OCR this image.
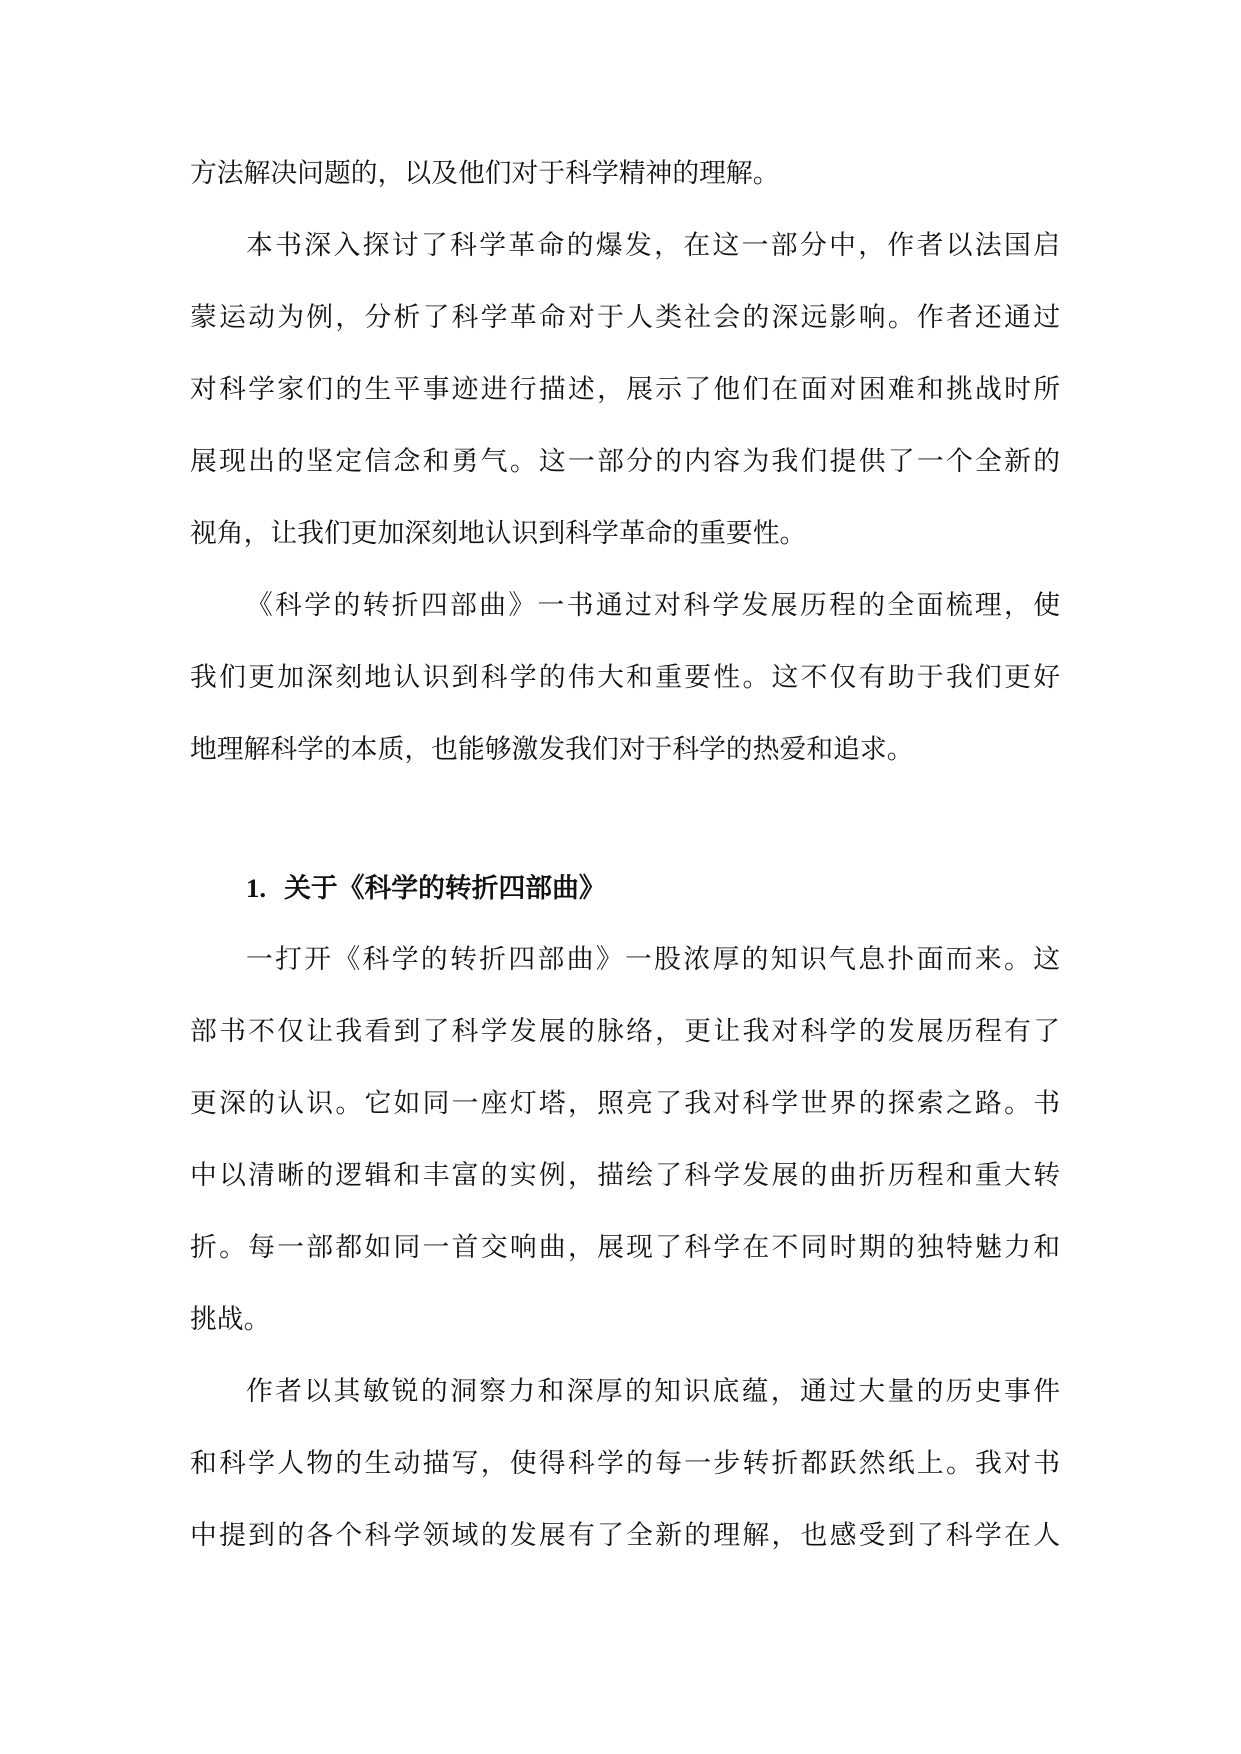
方法解决问题的，以及他们对于科学精神的理解。
本书深入探讨了科学革命的爆发，在这一部分中，作者以法国启
蒙运动为例，分析了科学革命对于人类社会的深远影响。作者还通过
对科学家们的生平事迹进行描述，展示了他们在面对困难和挑战时所
展现出的坚定信念和勇气。这一部分的内容为我们提供了一个全新的
视角，让我们更加深刻地认识到科学革命的重要性。
《科学的转折四部曲》一书通过对科学发展历程的全面梳理，使
我们更加深刻地认识到科学的伟大和重要性。这不仅有助于我们更好
地理解科学的本质，也能够激发我们对于科学的热爱和追求。
1. 关于《科学的转折四部曲》
一打开《科学的转折四部曲》一股浓厚的知识气息扑面而来。这
部书不仅让我看到了科学发展的脉络，更让我对科学的发展历程有了
更深的认识。它如同一座灯塔，照亮了我对科学世界的探索之路。书
中以清晰的逻辑和丰富的实例，描绘了科学发展的曲折历程和重大转
折。每一部都如同一首交响曲，展现了科学在不同时期的独特魅力和
挑战。
作者以其敏锐的洞察力和深厚的知识底蕴，通过大量的历史事件
和科学人物的生动描写，使得科学的每一步转折都跃然纸上。我对书
中提到的各个科学领域的发展有了全新的理解，也感受到了科学在人
